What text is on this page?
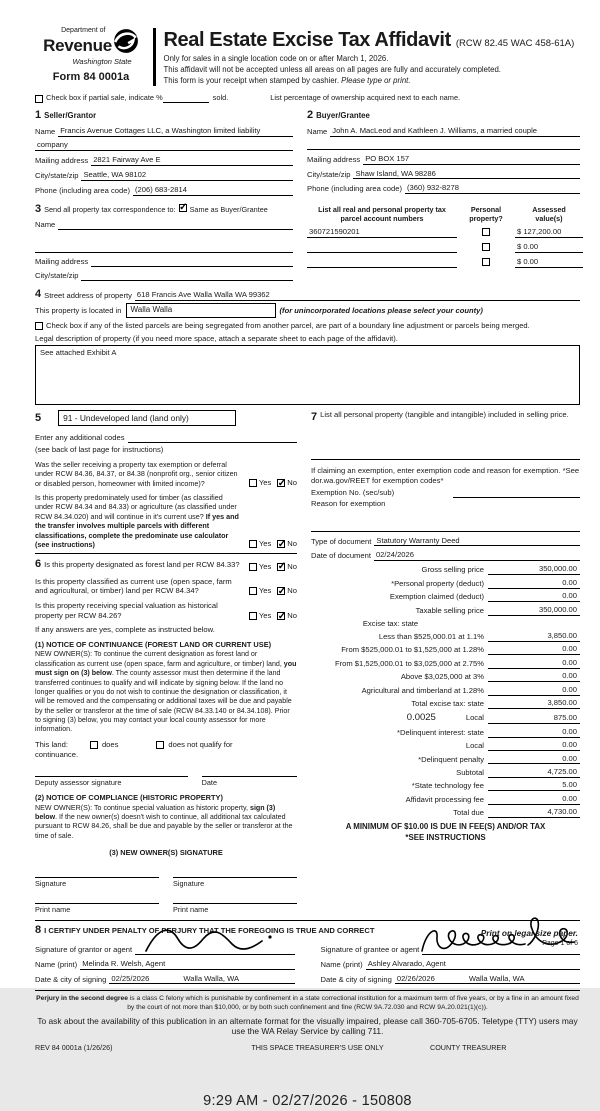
Department of
Revenue
Washington State
Form 84 0001a
Real Estate Excise Tax Affidavit (RCW 82.45 WAC 458-61A)
Only for sales in a single location code on or after March 1, 2026.
This affidavit will not be accepted unless all areas on all pages are fully and accurately completed.
This form is your receipt when stamped by cashier. Please type or print.
Check box if partial sale, indicate %	sold.	List percentage of ownership acquired next to each name.
1 Seller/Grantor
Name Francis Avenue Cottages LLC, a Washington limited liability
company
Mailing address 2821 Fairway Ave E
City/state/zip Seattle, WA 98102
Phone (including area code) (206) 683-2814
2 Buyer/Grantee
Name John A. MacLeod and Kathleen J. Williams, a married couple
Mailing address PO BOX 157
City/state/zip Shaw Island, WA 98286
Phone (including area code) (360) 932-8278
3 Send all property tax correspondence to: ✓ Same as Buyer/Grantee
Name
Mailing address
City/state/zip
List all real and personal property tax
parcel account numbers
Personal
property?
Assessed
value(s)
360721590201	$ 127,200.00
$ 0.00
$ 0.00
4 Street address of property 618 Francis Ave Walla Walla WA 99362
This property is located in	Walla Walla	(for unincorporated locations please select your county)
Check box if any of the listed parcels are being segregated from another parcel, are part of a boundary line adjustment or parcels being merged.
Legal description of property (if you need more space, attach a separate sheet to each page of the affidavit).
See attached Exhibit A
5	91 - Undeveloped land (land only)
Enter any additional codes
(see back of last page for instructions)
Was the seller receiving a property tax exemption or deferral under RCW 84.36, 84.37, or 84.38 (nonprofit org., senior citizen or disabled person, homeowner with limited income)?	Yes ✓ No
Is this property predominately used for timber (as classified under RCW 84.34 and 84.33) or agriculture (as classified under RCW 84.34.020) and will continue in it's current use? If yes and the transfer involves multiple parcels with different classifications, complete the predominate use calculator (see instructions)	Yes ✓ No
6 Is this property designated as forest land per RCW 84.33?	Yes ✓ No
Is this property classified as current use (open space, farm and agricultural, or timber) land per RCW 84.34?	Yes ✓ No
Is this property receiving special valuation as historical property per RCW 84.26?	Yes ✓ No
If any answers are yes, complete as instructed below.
(1) NOTICE OF CONTINUANCE (FOREST LAND OR CURRENT USE)
NEW OWNER(S): To continue the current designation as forest land or classification as current use (open space, farm and agriculture, or timber) land, you must sign on (3) below. The county assessor must then determine if the land transferred continues to qualify and will indicate by signing below. If the land no longer qualifies or you do not wish to continue the designation or classification, it will be removed and the compensating or additional taxes will be due and payable by the seller or transferor at the time of sale (RCW 84.33.140 or 84.34.108). Prior to signing (3) below, you may contact your local county assessor for more information.
This land:	does	does not qualify for
continuance.
Deputy assessor signature	Date
(2) NOTICE OF COMPLIANCE (HISTORIC PROPERTY)
NEW OWNER(S): To continue special valuation as historic property, sign (3) below. If the new owner(s) doesn't wish to continue, all additional tax calculated pursuant to RCW 84.26, shall be due and payable by the seller or transferor at the time of sale.
(3) NEW OWNER(S) SIGNATURE
Signature	Signature
Print name	Print name
7 List all personal property (tangible and intangible) included in selling price.
If claiming an exemption, enter exemption code and reason for exemption. *See dor.wa.gov/REET for exemption codes*
Exemption No. (sec/sub)
Reason for exemption
Type of document Statutory Warranty Deed
Date of document 02/24/2026
Gross selling price	350,000.00
*Personal property (deduct)	0.00
Exemption claimed (deduct)	0.00
Taxable selling price	350,000.00
Excise tax: state
Less than $525,000.01 at 1.1%	3,850.00
From $525,000.01 to $1,525,000 at 1.28%	0.00
From $1,525,000.01 to $3,025,000 at 2.75%	0.00
Above $3,025,000 at 3%	0.00
Agricultural and timberland at 1.28%	0.00
Total excise tax: state	3,850.00
0.0025	Local	875.00
*Delinquent interest: state	0.00
Local	0.00
*Delinquent penalty	0.00
Subtotal	4,725.00
*State technology fee	5.00
Affidavit processing fee	0.00
Total due	4,730.00
A MINIMUM OF $10.00 IS DUE IN FEE(S) AND/OR TAX
*SEE INSTRUCTIONS
8 I CERTIFY UNDER PENALTY OF PERJURY THAT THE FOREGOING IS TRUE AND CORRECT
Signature of grantor or agent
Name (print) Melinda R. Welsh, Agent
Date & city of signing 02/25/2026	Walla Walla, WA
Signature of grantee or agent
Name (print) Ashley Alvarado, Agent
Date & city of signing 02/26/2026	Walla Walla, WA
Perjury in the second degree is a class C felony which is punishable by confinement in a state correctional institution for a maximum term of five years, or by a fine in an amount fixed by the court of not more than $10,000, or by both such confinement and fine (RCW 9A.72.030 and RCW 9A.20.021(1)(c)).
To ask about the availability of this publication in an alternate format for the visually impaired, please call 360-705-6705. Teletype (TTY) users may use the WA Relay Service by calling 711.
REV 84 0001a (1/26/26)	THIS SPACE TREASURER'S USE ONLY	COUNTY TREASURER
9:29 AM - 02/27/2026 - 150808
Print on legal size paper.
Page 1 of 6
